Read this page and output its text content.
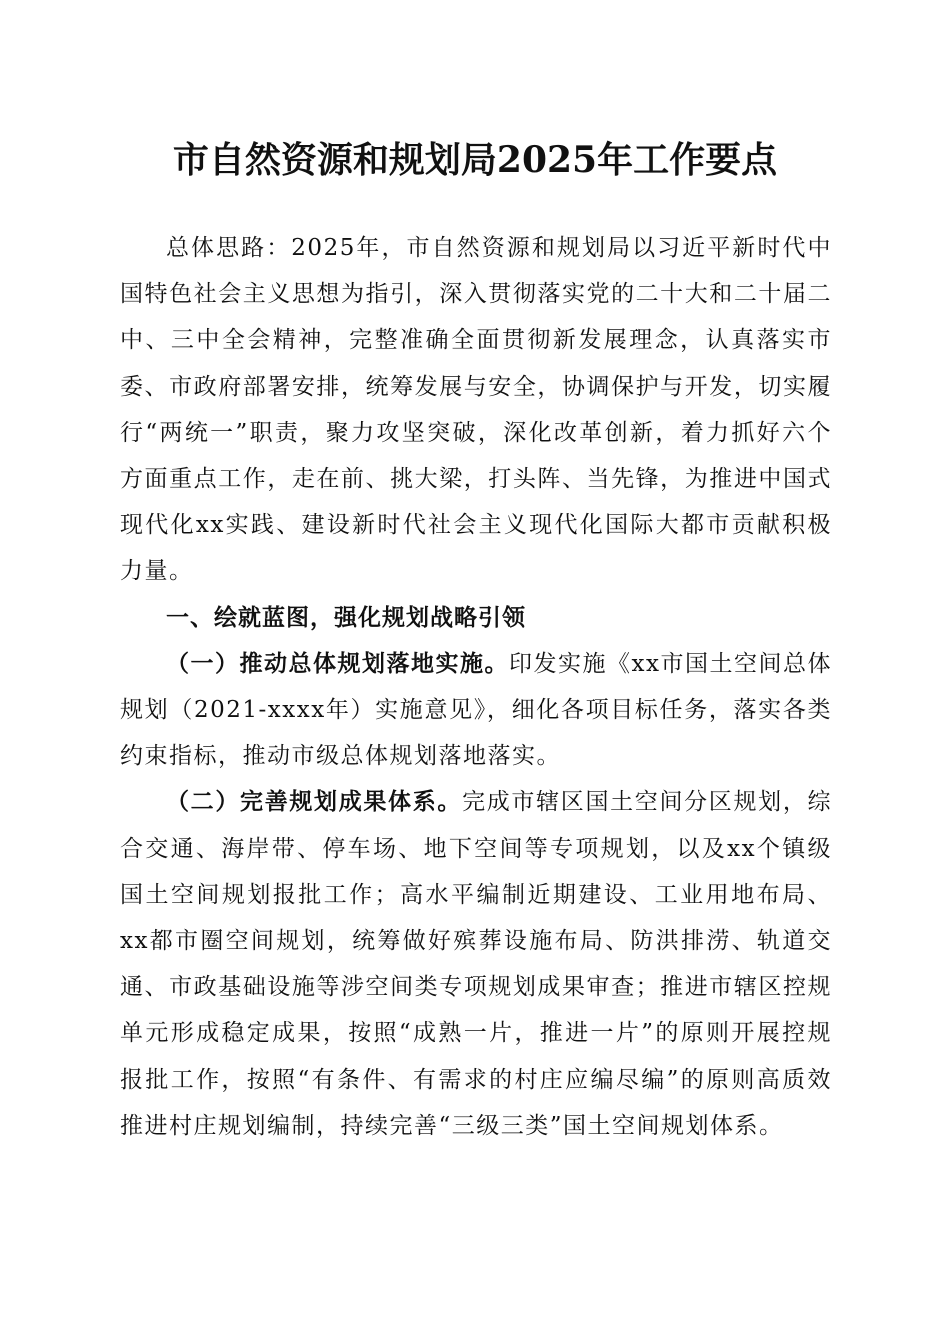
市自然资源和规划局2025年工作要点

总体思路：2025年，市自然资源和规划局以习近平新时代中国特色社会主义思想为指引，深入贯彻落实党的二十大和二十届二中、三中全会精神，完整准确全面贯彻新发展理念，认真落实市委、市政府部署安排，统筹发展与安全，协调保护与开发，切实履行“两统一”职责，聚力攻坚突破，深化改革创新，着力抓好六个方面重点工作，走在前、挑大梁，打头阵、当先锋，为推进中国式现代化xx实践、建设新时代社会主义现代化国际大都市贡献积极力量。

一、绘就蓝图，强化规划战略引领

（一）推动总体规划落地实施。印发实施《xx市国土空间总体规划（2021-xxxx年）实施意见》，细化各项目标任务，落实各类约束指标，推动市级总体规划落地落实。

（二）完善规划成果体系。完成市辖区国土空间分区规划，综合交通、海岸带、停车场、地下空间等专项规划，以及xx个镇级国土空间规划报批工作；高水平编制近期建设、工业用地布局、xx都市圈空间规划，统筹做好殡葬设施布局、防洪排涝、轨道交通、市政基础设施等涉空间类专项规划成果审查；推进市辖区控规单元形成稳定成果，按照“成熟一片，推进一片”的原则开展控规报批工作，按照“有条件、有需求的村庄应编尽编”的原则高质效推进村庄规划编制，持续完善“三级三类”国土空间规划体系。
